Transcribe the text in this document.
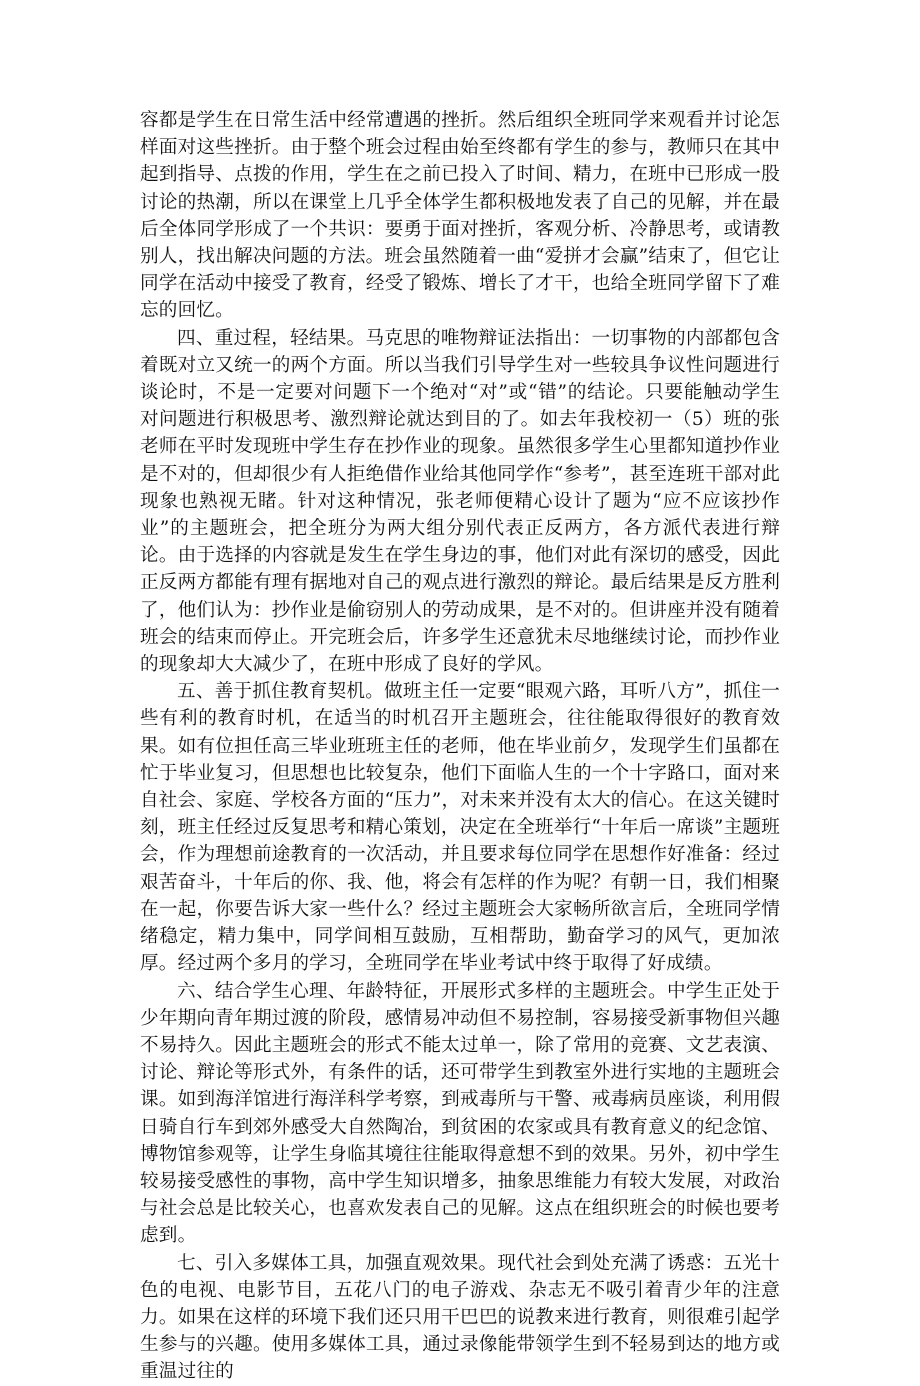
容都是学生在日常生活中经常遭遇的挫折。然后组织全班同学来观看并讨论怎样面对这些挫折。由于整个班会过程由始至终都有学生的参与，教师只在其中起到指导、点拨的作用，学生在之前已投入了时间、精力，在班中已形成一股讨论的热潮，所以在课堂上几乎全体学生都积极地发表了自己的见解，并在最后全体同学形成了一个共识：要勇于面对挫折，客观分析、冷静思考，或请教别人，找出解决问题的方法。班会虽然随着一曲“爱拼才会赢”结束了，但它让同学在活动中接受了教育，经受了锻炼、增长了才干，也给全班同学留下了难忘的回忆。

四、重过程，轻结果。马克思的唯物辩证法指出：一切事物的内部都包含着既对立又统一的两个方面。所以当我们引导学生对一些较具争议性问题进行谈论时，不是一定要对问题下一个绝对“对”或“错”的结论。只要能触动学生对问题进行积极思考、激烈辩论就达到目的了。如去年我校初一（5）班的张老师在平时发现班中学生存在抄作业的现象。虽然很多学生心里都知道抄作业是不对的，但却很少有人拒绝借作业给其他同学作“参考”，甚至连班干部对此现象也熟视无睹。针对这种情况，张老师便精心设计了题为“应不应该抄作业”的主题班会，把全班分为两大组分别代表正反两方，各方派代表进行辩论。由于选择的内容就是发生在学生身边的事，他们对此有深切的感受，因此正反两方都能有理有据地对自己的观点进行激烈的辩论。最后结果是反方胜利了，他们认为：抄作业是偷窃别人的劳动成果，是不对的。但讲座并没有随着班会的结束而停止。开完班会后，许多学生还意犹未尽地继续讨论，而抄作业的现象却大大减少了，在班中形成了良好的学风。

五、善于抓住教育契机。做班主任一定要“眼观六路，耳听八方”，抓住一些有利的教育时机，在适当的时机召开主题班会，往往能取得很好的教育效果。如有位担任高三毕业班班主任的老师，他在毕业前夕，发现学生们虽都在忙于毕业复习，但思想也比较复杂，他们下面临人生的一个十字路口，面对来自社会、家庭、学校各方面的“压力”，对未来并没有太大的信心。在这关键时刻，班主任经过反复思考和精心策划，决定在全班举行“十年后一席谈”主题班会，作为理想前途教育的一次活动，并且要求每位同学在思想作好准备：经过艰苦奋斗，十年后的你、我、他，将会有怎样的作为呢？有朝一日，我们相聚在一起，你要告诉大家一些什么？经过主题班会大家畅所欲言后，全班同学情绪稳定，精力集中，同学间相互鼓励，互相帮助，勤奋学习的风气，更加浓厚。经过两个多月的学习，全班同学在毕业考试中终于取得了好成绩。

六、结合学生心理、年龄特征，开展形式多样的主题班会。中学生正处于少年期向青年期过渡的阶段，感情易冲动但不易控制，容易接受新事物但兴趣不易持久。因此主题班会的形式不能太过单一，除了常用的竞赛、文艺表演、讨论、辩论等形式外，有条件的话，还可带学生到教室外进行实地的主题班会课。如到海洋馆进行海洋科学考察，到戒毒所与干警、戒毒病员座谈，利用假日骑自行车到郊外感受大自然陶冶，到贫困的农家或具有教育意义的纪念馆、博物馆参观等，让学生身临其境往往能取得意想不到的效果。另外，初中学生较易接受感性的事物，高中学生知识增多，抽象思维能力有较大发展，对政治与社会总是比较关心，也喜欢发表自己的见解。这点在组织班会的时候也要考虑到。

七、引入多媒体工具，加强直观效果。现代社会到处充满了诱惑：五光十色的电视、电影节目，五花八门的电子游戏、杂志无不吸引着青少年的注意力。如果在这样的环境下我们还只用干巴巴的说教来进行教育，则很难引起学生参与的兴趣。使用多媒体工具，通过录像能带领学生到不轻易到达的地方或重温过往的
